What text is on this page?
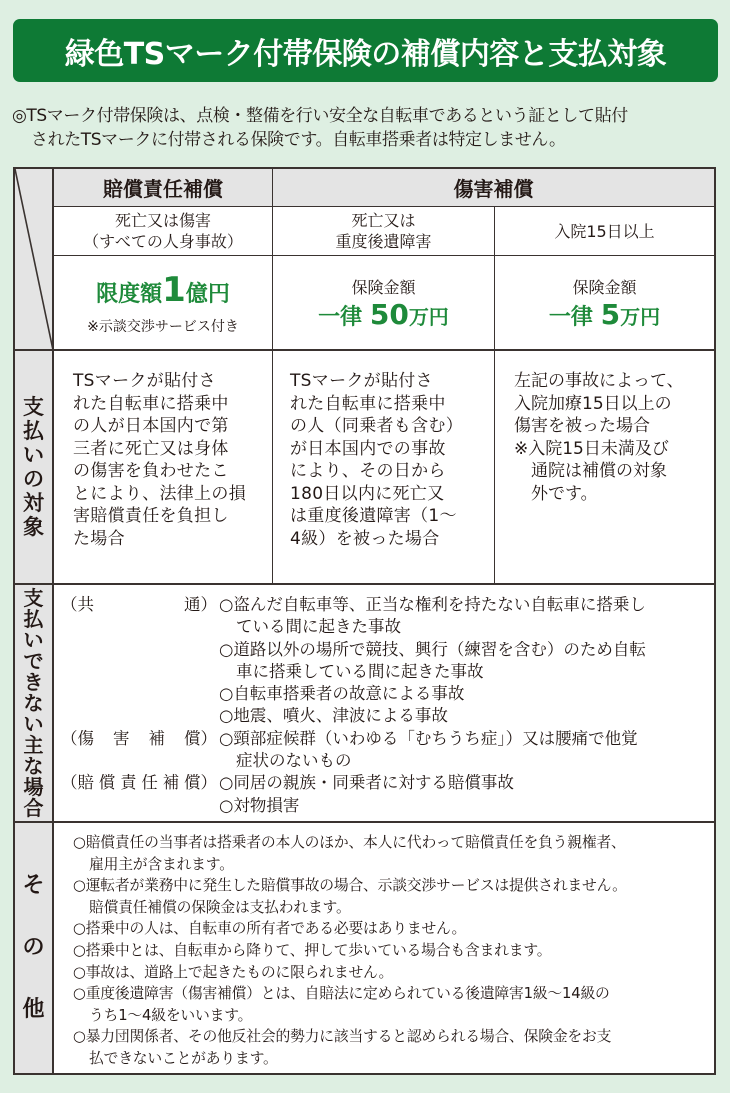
緑色TSマーク付帯保険の補償内容と支払対象
◎TSマーク付帯保険は、点検・整備を行い安全な自転車であるという証として貼付
されたTSマークに付帯される保険です。自転車搭乗者は特定しません。
賠償責任補償	傷害補償
死亡又は傷害
（すべての人身事故）
死亡又は
重度後遺障害
入院15日以上
限度額1億円
※示談交渉サービス付き
保険金額
一律 50万円
保険金額
一律 5万円
支
払
い
の
対
象
TSマークが貼付さ
れた自転車に搭乗中
の人が日本国内で第
三者に死亡又は身体
の傷害を負わせたこ
とにより、法律上の損
害賠償責任を負担し
た場合
TSマークが貼付さ
れた自転車に搭乗中
の人（同乗者も含む）
が日本国内での事故
により、その日から
180日以内に死亡又
は重度後遺障害（1～
4級）を被った場合
左記の事故によって、
入院加療15日以上の
傷害を被った場合
※入院15日未満及び
　通院は補償の対象
　外です。
支
払
い
で
き
な
い
主
な
場
合
（共	通） ○盗んだ自転車等、正当な権利を持たない自転車に搭乗し
ている間に起きた事故
○道路以外の場所で競技、興行（練習を含む）のため自転
車に搭乗している間に起きた事故
○自転車搭乗者の故意による事故
○地震、噴火、津波による事故
（傷 害 補 償） ○頸部症候群（いわゆる「むちうち症」）又は腰痛で他覚
症状のないもの
（賠 償 責 任 補 償） ○同居の親族・同乗者に対する賠償事故
○対物損害
そ
の
他
○賠償責任の当事者は搭乗者の本人のほか、本人に代わって賠償責任を負う親権者、
雇用主が含まれます。
○運転者が業務中に発生した賠償事故の場合、示談交渉サービスは提供されません。
賠償責任補償の保険金は支払われます。
○搭乗中の人は、自転車の所有者である必要はありません。
○搭乗中とは、自転車から降りて、押して歩いている場合も含まれます。
○事故は、道路上で起きたものに限られません。
○重度後遺障害（傷害補償）とは、自賠法に定められている後遺障害1級～14級の
うち1～4級をいいます。
○暴力団関係者、その他反社会的勢力に該当すると認められる場合、保険金をお支
払できないことがあります。
